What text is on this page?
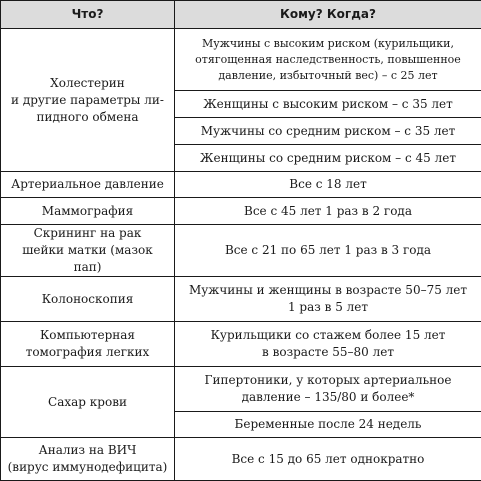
Что?	Кому? Когда?
Холестерин
и другие параметры ли-
пидного обмена	Мужчины с высоким риском (курильщики,
отягощенная наследственность, повышенное
давление, избыточный вес) – с 25 лет
	Женщины с высоким риском – с 35 лет
	Мужчины со средним риском – с 35 лет
	Женщины со средним риском – с 45 лет
Артериальное давление	Все с 18 лет
Маммография	Все с 45 лет 1 раз в 2 года
Скрининг на рак
шейки матки (мазок пап)	Все с 21 по 65 лет 1 раз в 3 года
Колоноскопия	Мужчины и женщины в возрасте 50–75 лет
1 раз в 5 лет
Компьютерная
томография легких	Курильщики со стажем более 15 лет
в возрасте 55–80 лет
Сахар крови	Гипертоники, у которых артериальное
давление – 135/80 и более*
	Беременные после 24 недель
Анализ на ВИЧ
(вирус иммунодефицита)	Все с 15 до 65 лет однократно
